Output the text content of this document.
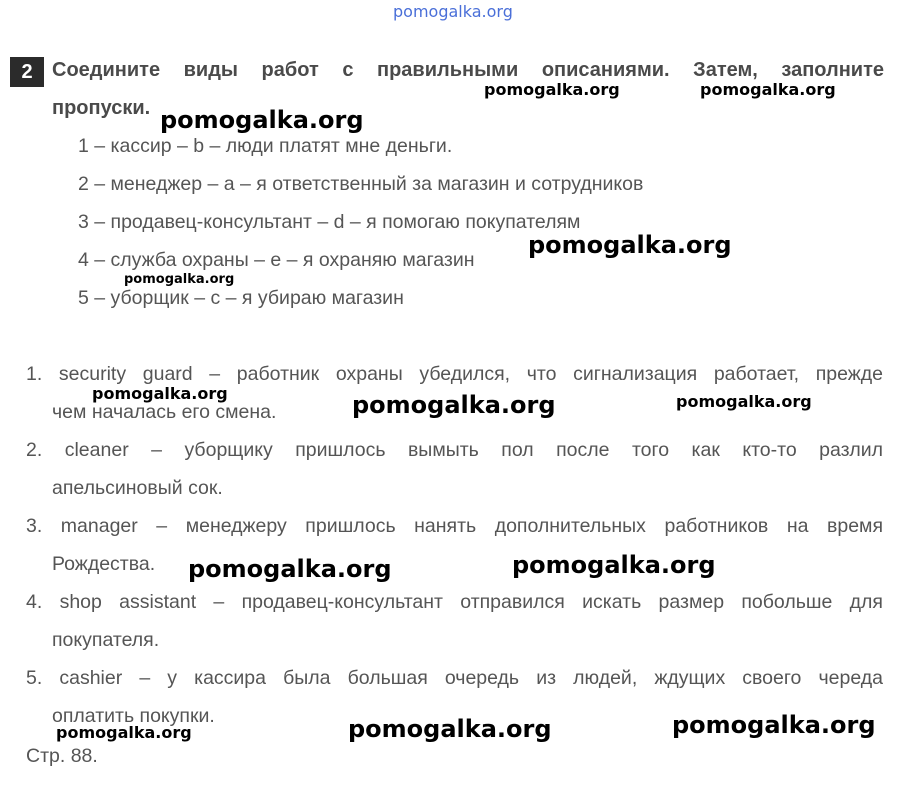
pomogalka.org
2 Соедините виды работ с правильными описаниями. Затем, заполните
пропуски.
1 – кассир – b – люди платят мне деньги.
2 – менеджер – a – я ответственный за магазин и сотрудников
3 – продавец-консультант – d – я помогаю покупателям
4 – служба охраны – e – я охраняю магазин
5 – уборщик – c – я убираю магазин
1. security guard – работник охраны убедился, что сигнализация работает, прежде
чем началась его смена.
2. cleaner – уборщику пришлось вымыть пол после того как кто-то разлил
апельсиновый сок.
3. manager – менеджеру пришлось нанять дополнительных работников на время
Рождества.
4. shop assistant – продавец-консультант отправился искать размер побольше для
покупателя.
5. cashier – у кассира была большая очередь из людей, ждущих своего череда
оплатить покупки.
Стр. 88.
pomogalka.org	pomogalka.org
pomogalka.org
pomogalka.org
pomogalka.org
pomogalka.org	pomogalka.org	pomogalka.org
pomogalka.org	pomogalka.org
pomogalka.org	pomogalka.org
pomogalka.org
